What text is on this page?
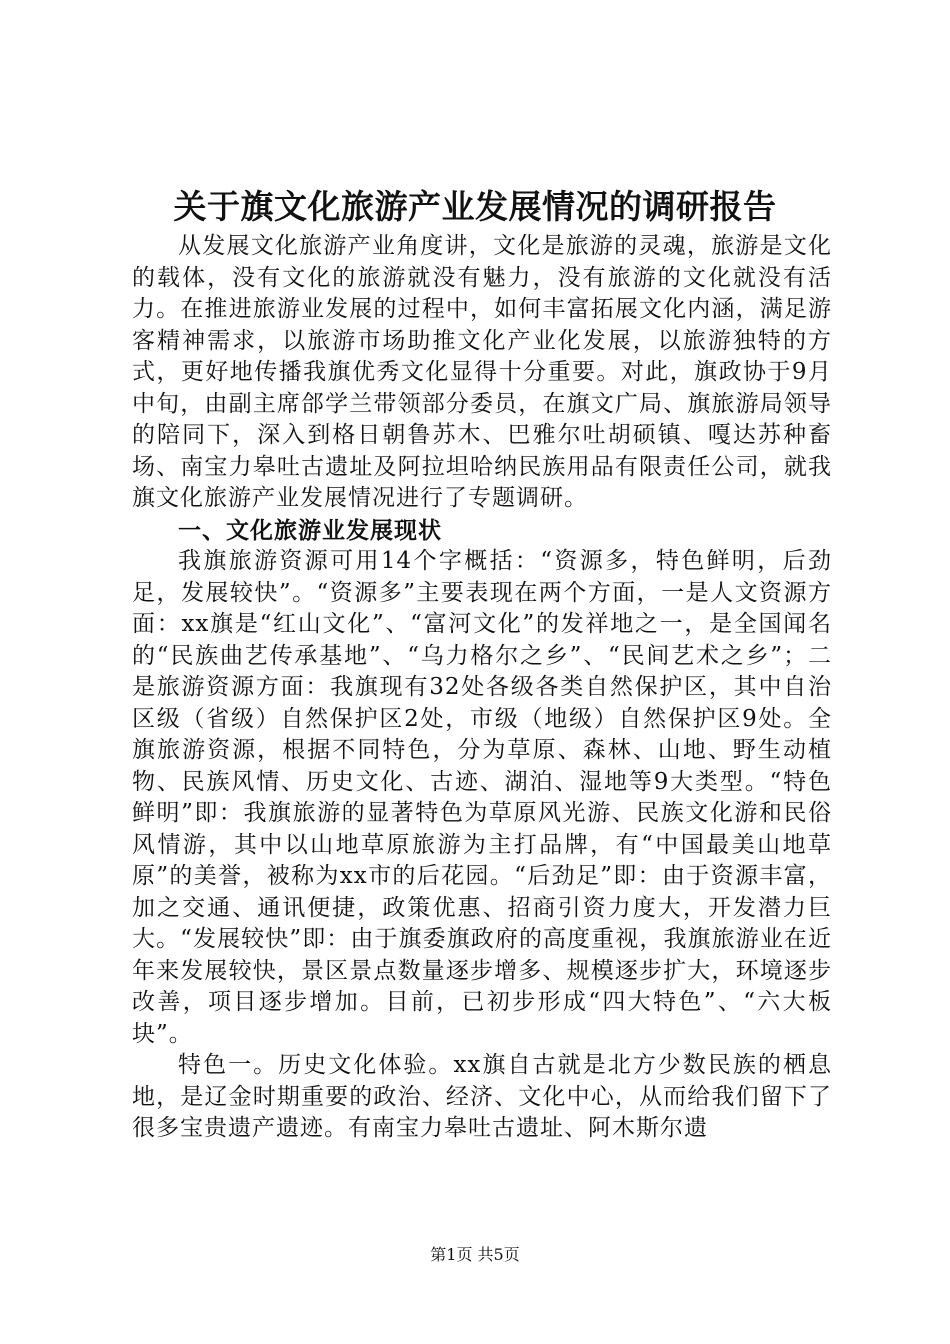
关于旗文化旅游产业发展情况的调研报告

从发展文化旅游产业角度讲，文化是旅游的灵魂，旅游是文化的载体，没有文化的旅游就没有魅力，没有旅游的文化就没有活力。在推进旅游业发展的过程中，如何丰富拓展文化内涵，满足游客精神需求，以旅游市场助推文化产业化发展，以旅游独特的方式，更好地传播我旗优秀文化显得十分重要。对此，旗政协于9月中旬，由副主席郃学兰带领部分委员，在旗文广局、旗旅游局领导的陪同下，深入到格日朝鲁苏木、巴雅尔吐胡硕镇、嘎达苏种畜场、南宝力皋吐古遗址及阿拉坦哈纳民族用品有限责任公司，就我旗文化旅游产业发展情况进行了专题调研。

一、文化旅游业发展现状

我旗旅游资源可用14个字概括：“资源多，特色鲜明，后劲足，发展较快”。“资源多”主要表现在两个方面，一是人文资源方面：xx旗是“红山文化”、“富河文化”的发祥地之一，是全国闻名的“民族曲艺传承基地”、“乌力格尔之乡”、“民间艺术之乡”；二是旅游资源方面：我旗现有32处各级各类自然保护区，其中自治区级（省级）自然保护区2处，市级（地级）自然保护区9处。全旗旅游资源，根据不同特色，分为草原、森林、山地、野生动植物、民族风情、历史文化、古迹、湖泊、湿地等9大类型。“特色鲜明”即：我旗旅游的显著特色为草原风光游、民族文化游和民俗风情游，其中以山地草原旅游为主打品牌，有“中国最美山地草原”的美誉，被称为xx市的后花园。“后劲足”即：由于资源丰富，加之交通、通讯便捷，政策优惠、招商引资力度大，开发潜力巨大。“发展较快”即：由于旗委旗政府的高度重视，我旗旅游业在近年来发展较快，景区景点数量逐步增多、规模逐步扩大，环境逐步改善，项目逐步增加。目前，已初步形成“四大特色”、“六大板块”。

特色一。历史文化体验。xx旗自古就是北方少数民族的栖息地，是辽金时期重要的政治、经济、文化中心，从而给我们留下了很多宝贵遗产遗迹。有南宝力皋吐古遗址、阿木斯尔遗

第1页 共5页
